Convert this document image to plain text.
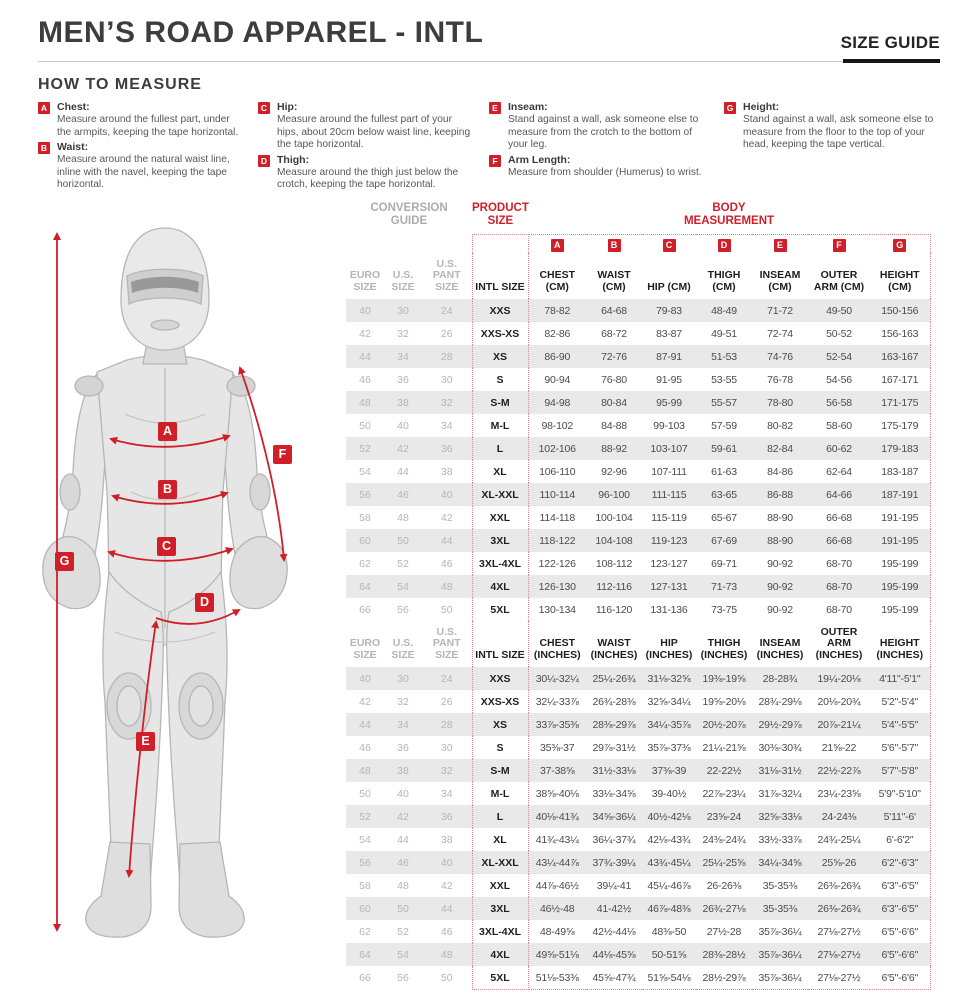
MEN’S ROAD APPAREL - INTL	SIZE GUIDE
HOW TO MEASURE
A Chest:
Measure around the fullest part, under the armpits, keeping the tape horizontal.
B Waist:
Measure around the natural waist line, inline with the navel, keeping the tape horizontal.
C Hip:
Measure around the fullest part of your hips, about 20cm below waist line, keeping the tape horizontal.
D Thigh:
Measure around the thigh just below the crotch, keeping the tape horizontal.
E Inseam:
Stand against a wall, ask someone else to measure from the crotch to the bottom of your leg.
F Arm Length:
Measure from shoulder (Humerus) to wrist.
G Height:
Stand against a wall, ask someone else to measure from the floor to the top of your head, keeping the tape vertical.
A
B
C
D
E
F
G
CONVERSION GUIDE			PRODUCT SIZE	BODY MEASUREMENT						
				A	B	C	D	E	F	G
EURO SIZE	U.S. SIZE	U.S. PANT SIZE	INTL SIZE	CHEST (CM)	WAIST (CM)	HIP (CM)	THIGH (CM)	INSEAM (CM)	OUTER ARM (CM)	HEIGHT (CM)
40	30	24	XXS	78-82	64-68	79-83	48-49	71-72	49-50	150-156
42	32	26	XXS-XS	82-86	68-72	83-87	49-51	72-74	50-52	156-163
44	34	28	XS	86-90	72-76	87-91	51-53	74-76	52-54	163-167
46	36	30	S	90-94	76-80	91-95	53-55	76-78	54-56	167-171
48	38	32	S-M	94-98	80-84	95-99	55-57	78-80	56-58	171-175
50	40	34	M-L	98-102	84-88	99-103	57-59	80-82	58-60	175-179
52	42	36	L	102-106	88-92	103-107	59-61	82-84	60-62	179-183
54	44	38	XL	106-110	92-96	107-111	61-63	84-86	62-64	183-187
56	46	40	XL-XXL	110-114	96-100	111-115	63-65	86-88	64-66	187-191
58	48	42	XXL	114-118	100-104	115-119	65-67	88-90	66-68	191-195
60	50	44	3XL	118-122	104-108	119-123	67-69	88-90	66-68	191-195
62	52	46	3XL-4XL	122-126	108-112	123-127	69-71	90-92	68-70	195-199
64	54	48	4XL	126-130	112-116	127-131	71-73	90-92	68-70	195-199
66	56	50	5XL	130-134	116-120	131-136	73-75	90-92	68-70	195-199
EURO SIZE	U.S. SIZE	U.S. PANT SIZE	INTL SIZE	CHEST (INCHES)	WAIST (INCHES)	HIP (INCHES)	THIGH (INCHES)	INSEAM (INCHES)	OUTER ARM (INCHES)	HEIGHT (INCHES)
40	30	24	XXS	30¼-32¼	25¼-26¾	31⅛-32⅝	19⅜-19⅝	28-28¾	19¼-20⅛	4'11"-5'1"
42	32	26	XXS-XS	32¼-33⅞	26¾-28⅜	32⅝-34¼	19⅝-20⅛	28¾-29⅛	20⅛-20¾	5'2"-5'4"
44	34	28	XS	33⅞-35⅜	28⅜-29⅞	34¼-35⅞	20½-20⅞	29½-29⅞	20⅞-21¼	5'4"-5'5"
46	36	30	S	35⅜-37	29⅞-31½	35⅞-37⅜	21¼-21⅝	30⅜-30¾	21⅝-22	5'6"-5'7"
48	38	32	S-M	37-38⅝	31½-33⅛	37⅜-39	22-22½	31⅛-31½	22½-22⅞	5'7"-5'8"
50	40	34	M-L	38⅝-40⅛	33⅛-34⅝	39-40½	22⅞-23¼	31⅞-32¼	23¼-23⅝	5'9"-5'10"
52	42	36	L	40⅛-41¾	34⅝-36¼	40½-42⅛	23⅝-24	32⅝-33⅛	24-24⅜	5'11"-6'
54	44	38	XL	41¾-43¼	36¼-37¾	42⅛-43¾	24⅜-24¾	33½-33⅞	24¾-25¼	6'-6'2"
56	46	40	XL-XXL	43¼-44⅞	37¾-39¼	43¾-45¼	25¼-25⅝	34¼-34⅝	25⅝-26	6'2"-6'3"
58	48	42	XXL	44⅞-46½	39¼-41	45¼-46⅞	26-26⅜	35-35⅜	26⅜-26¾	6'3"-6'5"
60	50	44	3XL	46½-48	41-42½	46⅞-48⅜	26¾-27⅛	35-35⅜	26⅜-26¾	6'3"-6'5"
62	52	46	3XL-4XL	48-49⅝	42½-44⅛	48⅜-50	27½-28	35⅞-36¼	27⅛-27½	6'5"-6'6"
64	54	48	4XL	49⅝-51⅛	44⅛-45⅝	50-51⅝	28⅜-28½	35⅞-36¼	27⅛-27½	6'5"-6'6"
66	56	50	5XL	51⅛-53⅜	45⅝-47¾	51⅝-54⅛	28½-29⅞	35⅞-36¼	27⅛-27½	6'5"-6'6"
